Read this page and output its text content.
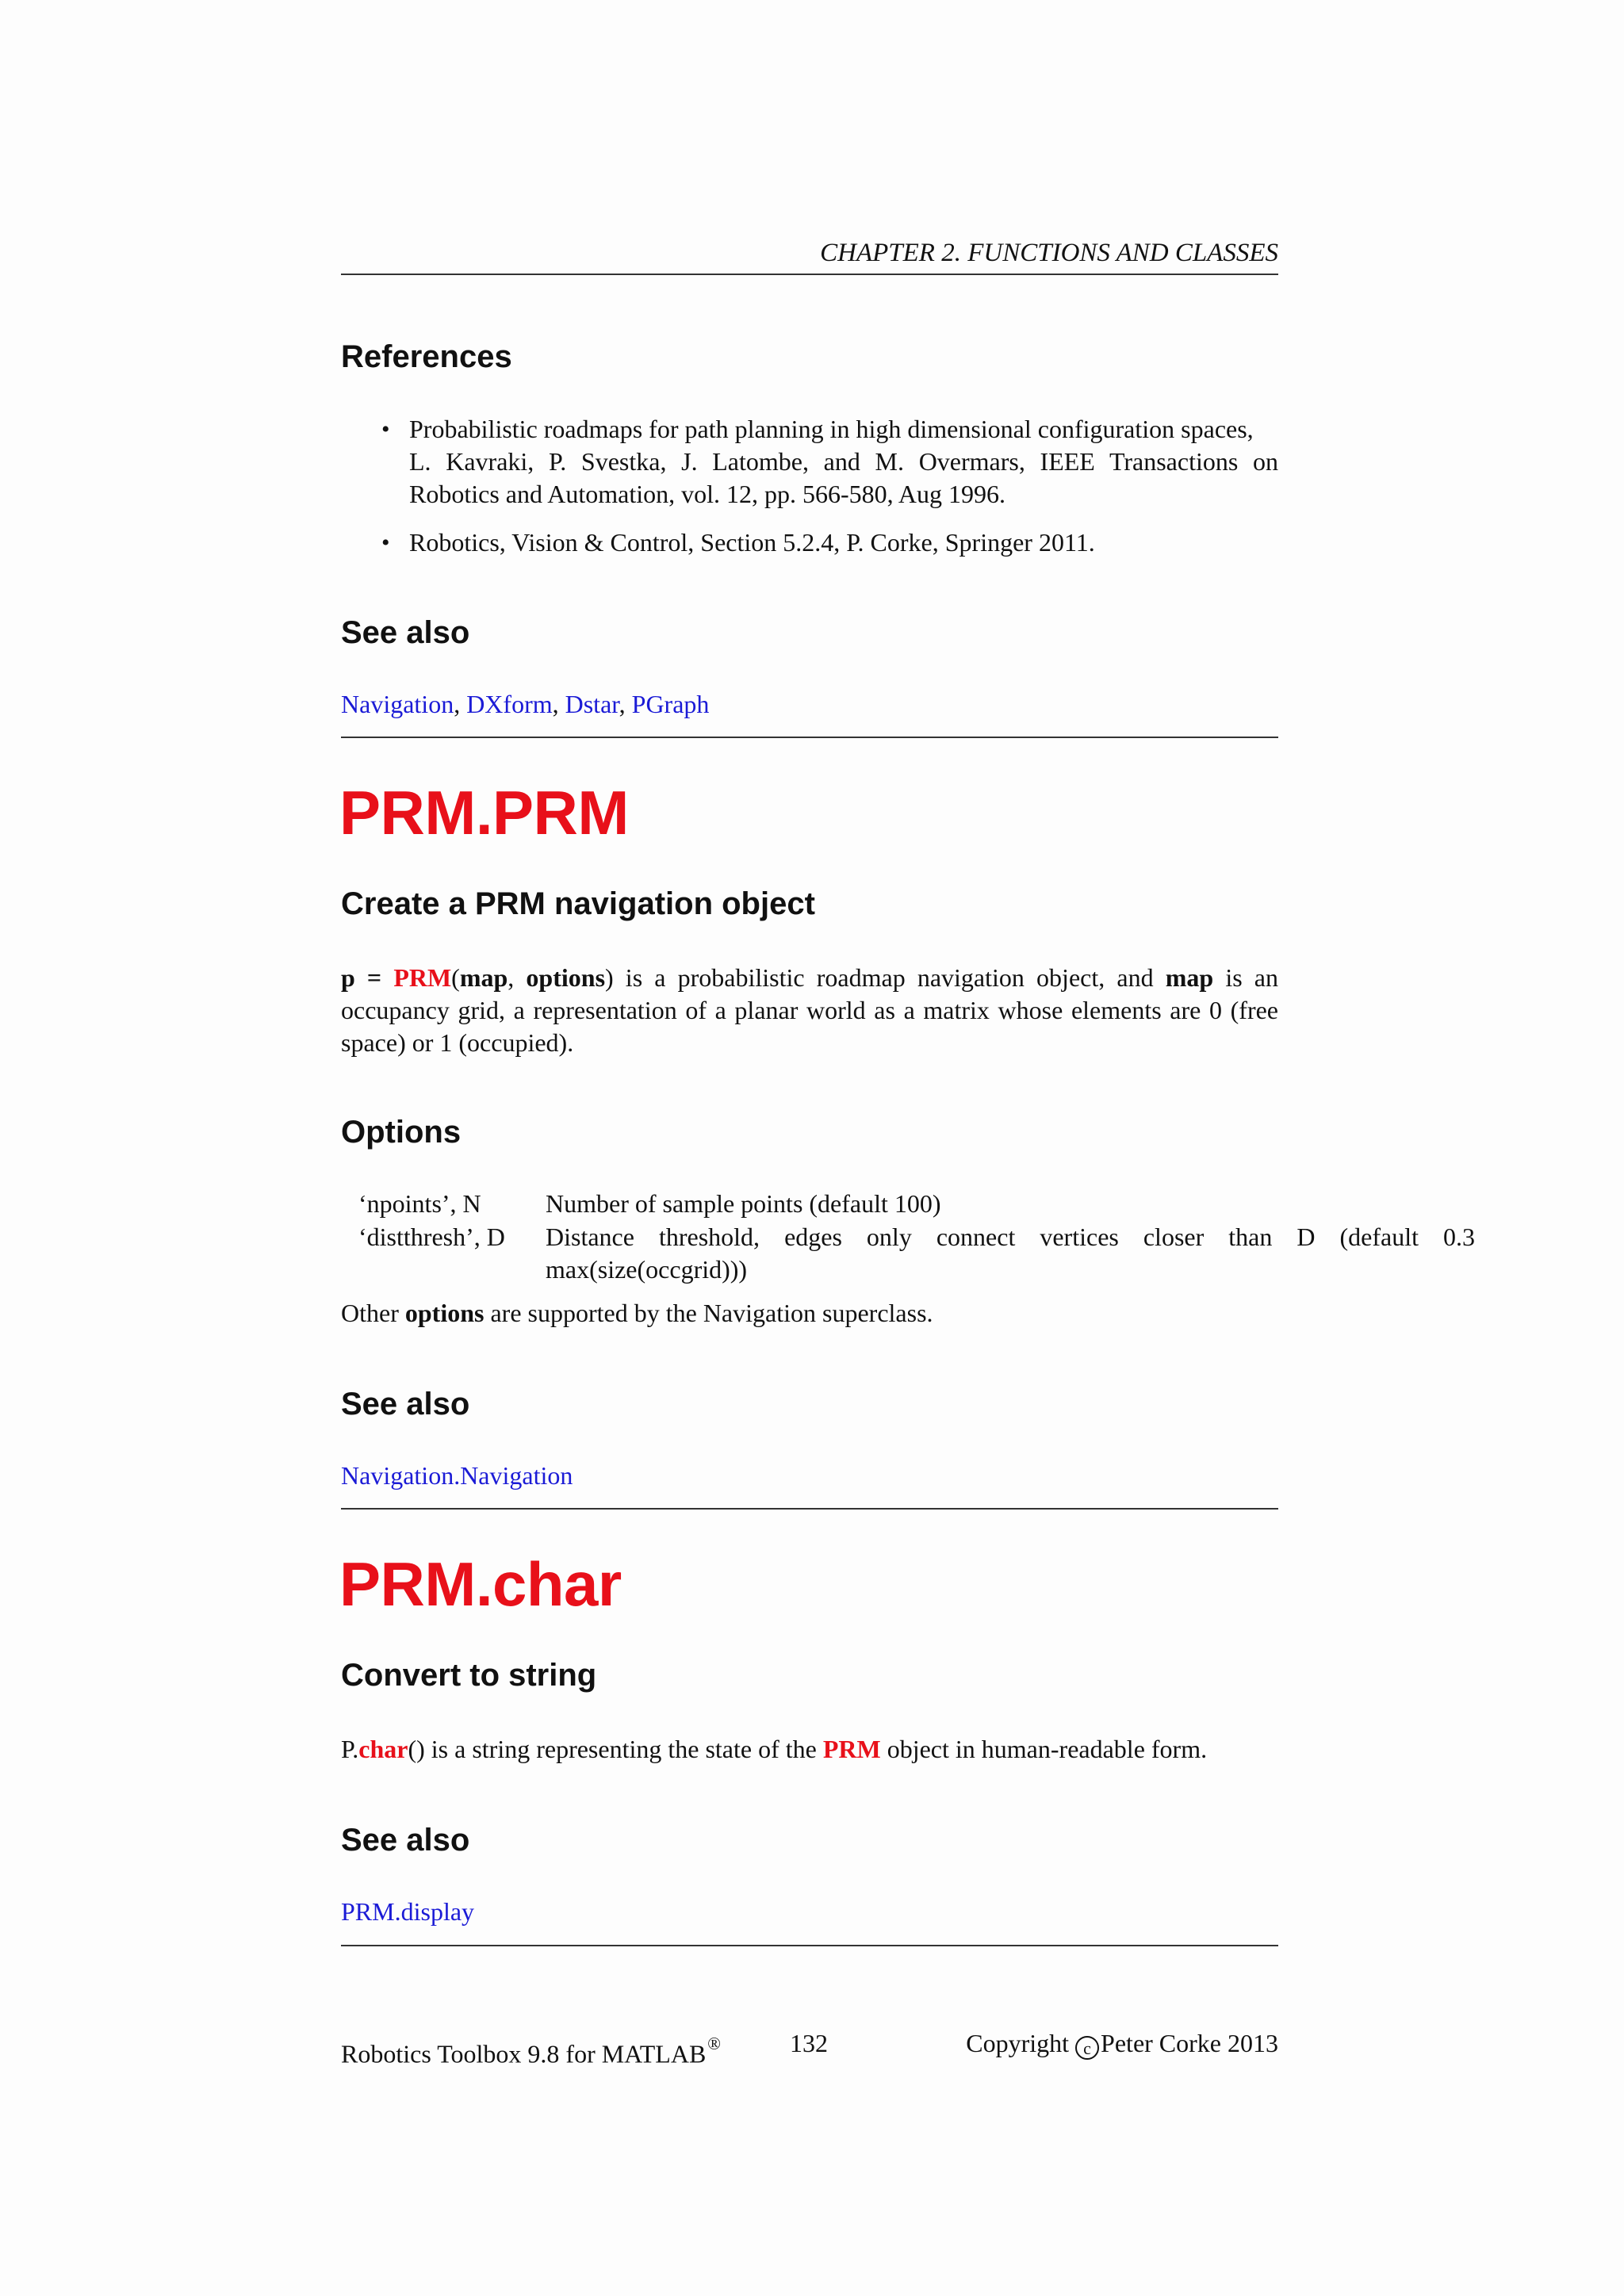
CHAPTER 2. FUNCTIONS AND CLASSES
References
• Probabilistic roadmaps for path planning in high dimensional configuration spaces,
L. Kavraki, P. Svestka, J. Latombe, and M. Overmars, IEEE Transactions on
Robotics and Automation, vol. 12, pp. 566-580, Aug 1996.
• Robotics, Vision & Control, Section 5.2.4, P. Corke, Springer 2011.
See also
Navigation, DXform, Dstar, PGraph
PRM.PRM
Create a PRM navigation object
p = PRM(map, options) is a probabilistic roadmap navigation object, and map is an occupancy grid, a representation of a planar world as a matrix whose elements are 0 (free space) or 1 (occupied).
Options
‘npoints’, N	Number of sample points (default 100)
‘distthresh’, D Distance  threshold,  edges  only  connect  vertices  closer  than  D  (default  0.3
max(size(occgrid)))
Other options are supported by the Navigation superclass.
See also
Navigation.Navigation
PRM.char
Convert to string
P.char() is a string representing the state of the PRM object in human-readable form.
See also
PRM.display
Robotics Toolbox 9.8 for MATLAB®	132	Copyright c Peter Corke 2013
